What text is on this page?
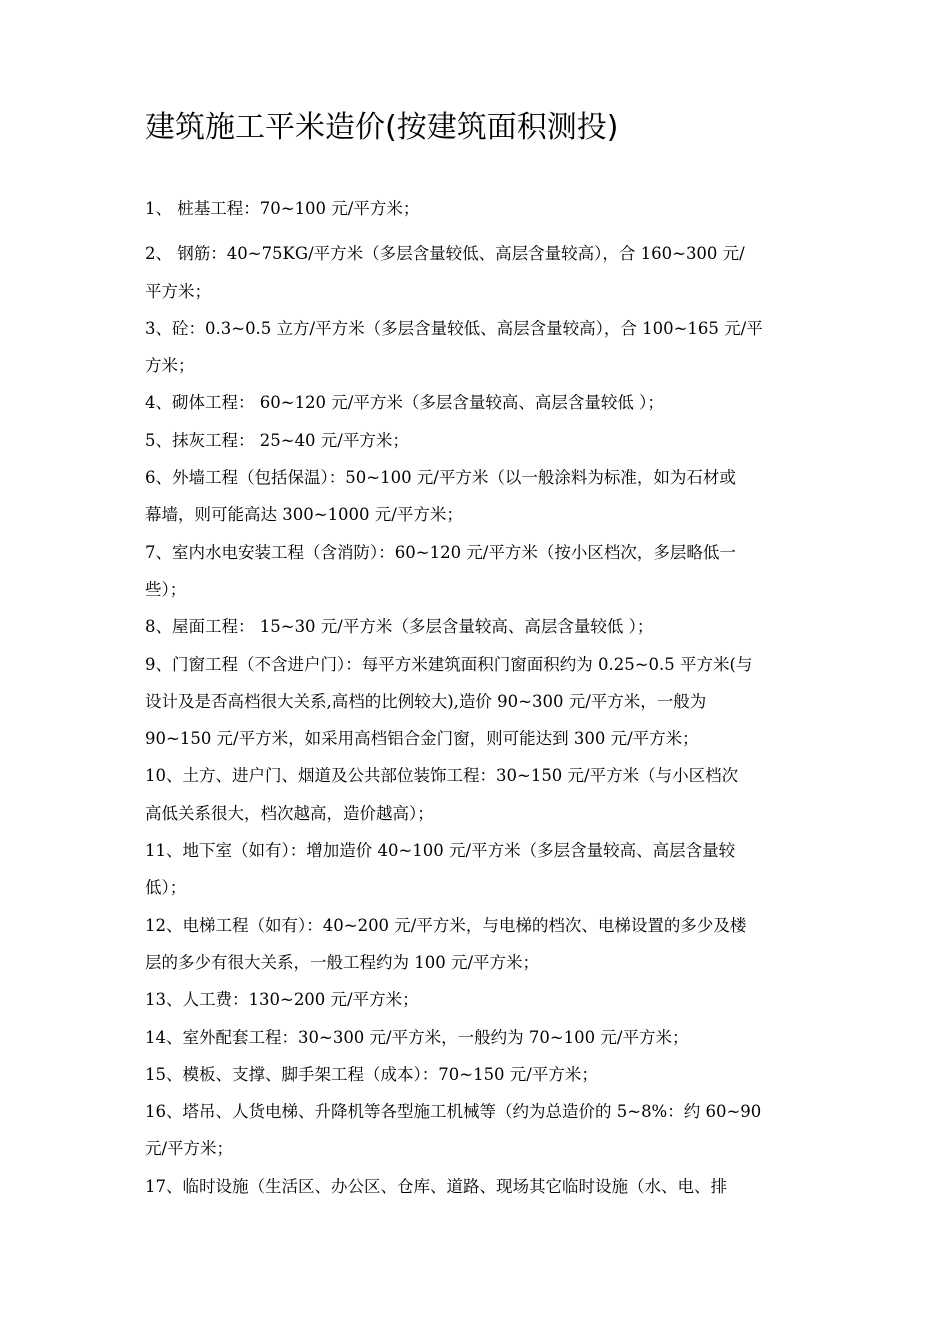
建筑施工平米造价(按建筑面积测投)

1、 桩基工程：70~100 元/平方米；

2、 钢筋：40~75KG/平方米（多层含量较低、高层含量较高），合 160~300 元/

平方米；

3、砼：0.3~0.5 立方/平方米（多层含量较低、高层含量较高），合 100~165 元/平

方米；

4、砌体工程： 60~120 元/平方米（多层含量较高、高层含量较低 ）；

5、抹灰工程： 25~40 元/平方米；

6、外墙工程（包括保温）：50~100 元/平方米（以一般涂料为标准，如为石材或

幕墙，则可能高达 300~1000 元/平方米；

7、室内水电安装工程（含消防）：60~120 元/平方米（按小区档次，多层略低一

些）；

8、屋面工程： 15~30 元/平方米（多层含量较高、高层含量较低 ）；

9、门窗工程（不含进户门）：每平方米建筑面积门窗面积约为 0.25~0.5 平方米(与

设计及是否高档很大关系,高档的比例较大),造价 90~300 元/平方米，一般为

90~150 元/平方米，如采用高档铝合金门窗，则可能达到 300 元/平方米；

10、土方、进户门、烟道及公共部位装饰工程：30~150 元/平方米（与小区档次

高低关系很大，档次越高，造价越高）；

11、地下室（如有）：增加造价 40~100 元/平方米（多层含量较高、高层含量较

低）；

12、电梯工程（如有）：40~200 元/平方米，与电梯的档次、电梯设置的多少及楼

层的多少有很大关系，一般工程约为 100 元/平方米；

13、人工费：130~200 元/平方米；

14、室外配套工程：30~300 元/平方米，一般约为 70~100 元/平方米；

15、模板、支撑、脚手架工程（成本）：70~150 元/平方米；

16、塔吊、人货电梯、升降机等各型施工机械等（约为总造价的 5~8%：约 60~90

元/平方米；

17、临时设施（生活区、办公区、仓库、道路、现场其它临时设施（水、电、排
